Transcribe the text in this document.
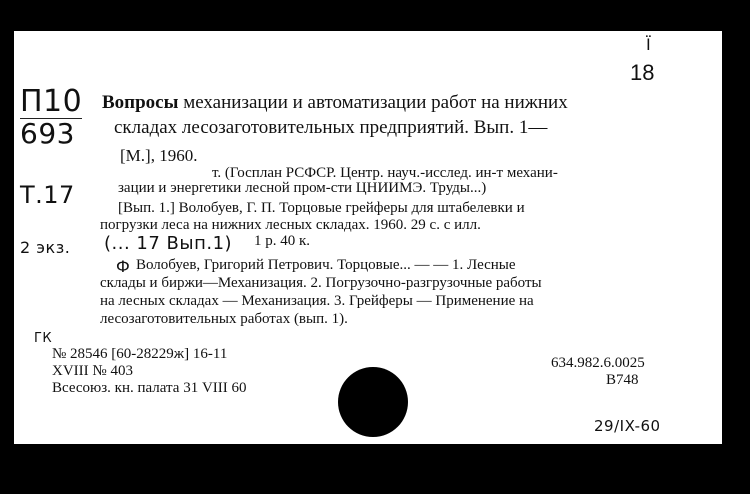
Ϊ
18
П10
693
Вопросы механизации и автоматизации работ на нижних
складах лесозаготовительных предприятий. Вып. 1—
[М.], 1960.
Т.17
2 экз.
т. (Госплан РСФСР. Центр. науч.-исслед. ин-т механи-
зации и энергетики лесной пром-сти ЦНИИМЭ. Труды...)
[Вып. 1.] Волобуев, Г. П. Торцовые грейферы для штабелевки и
погрузки леса на нижних лесных складах. 1960. 29 с. с илл.
(... 17 Вып.1) 1 р. 40 к.
Ф Волобуев, Григорий Петрович. Торцовые... — — 1. Лесные
склады и биржи—Механизация. 2. Погрузочно-разгрузочные работы
на лесных складах — Механизация. 3. Грейферы — Применение на
лесозаготовительных работах (вып. 1).
ГК
№ 28546 [60-28229ж] 16-11
XVIII № 403
Всесоюз. кн. палата 31 VIII 60
634.982.6.0025
В748
29/IX-60
